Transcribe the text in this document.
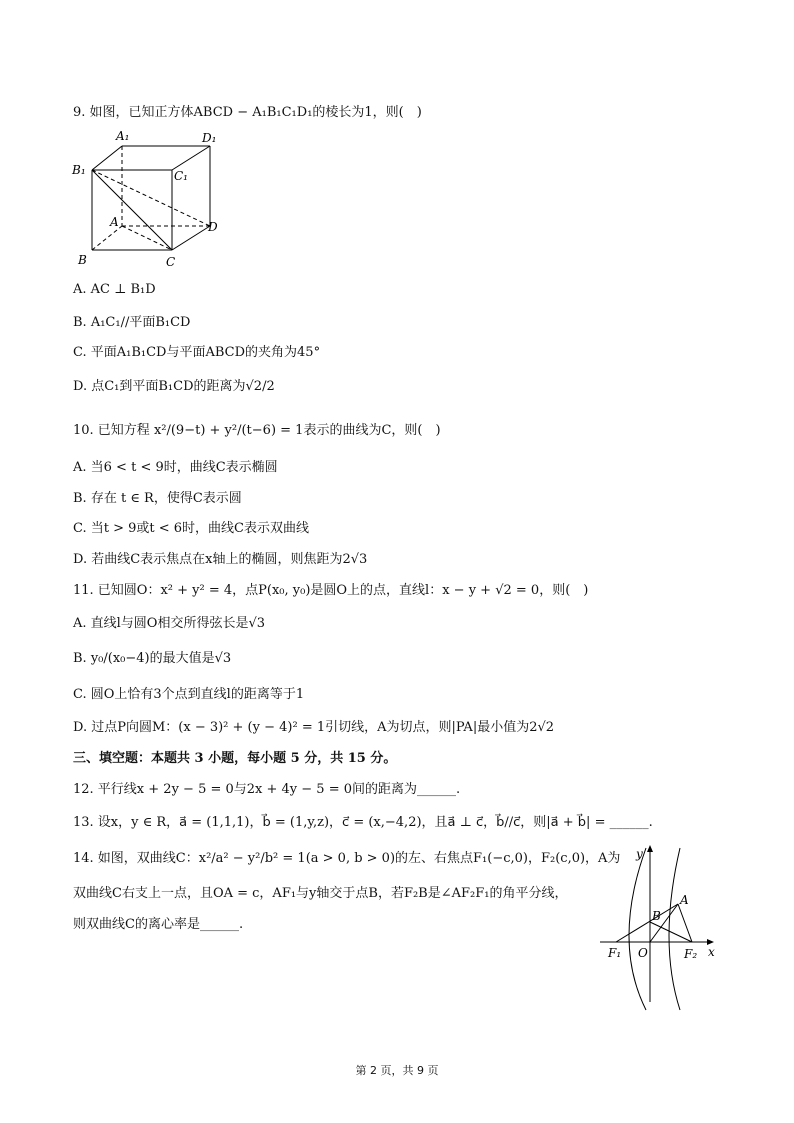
9. 如图，已知正方体ABCD − A₁B₁C₁D₁的棱长为1，则(　)
A₁	D₁
B₁	C₁
A	D
B	C
A. AC ⊥ B₁D
B. A₁C₁//平面B₁CD
C. 平面A₁B₁CD与平面ABCD的夹角为45°
D. 点C₁到平面B₁CD的距离为√2/2
10. 已知方程 x²/(9−t) + y²/(t−6) = 1表示的曲线为C，则(　)
A. 当6 < t < 9时，曲线C表示椭圆
B. 存在 t ∈ R，使得C表示圆
C. 当t > 9或t < 6时，曲线C表示双曲线
D. 若曲线C表示焦点在x轴上的椭圆，则焦距为2√3
11. 已知圆O：x² + y² = 4，点P(x₀, y₀)是圆O上的点，直线l：x − y + √2 = 0，则(　)
A. 直线l与圆O相交所得弦长是√3
B. y₀/(x₀−4)的最大值是√3
C. 圆O上恰有3个点到直线l的距离等于1
D. 过点P向圆M：(x − 3)² + (y − 4)² = 1引切线，A为切点，则|PA|最小值为2√2
三、填空题：本题共 3 小题，每小题 5 分，共 15 分。
12. 平行线x + 2y − 5 = 0与2x + 4y − 5 = 0间的距离为______.
13. 设x，y ∈ R，a⃗ = (1,1,1)，b⃗ = (1,y,z)，c⃗ = (x,−4,2)，且a⃗ ⊥ c⃗，b⃗//c⃗，则|a⃗ + b⃗| = ______.
14. 如图，双曲线C：x²/a² − y²/b² = 1(a > 0, b > 0)的左、右焦点F₁(−c,0)，F₂(c,0)，A为
双曲线C右支上一点，且OA = c，AF₁与y轴交于点B，若F₂B是∠AF₂F₁的角平分线，
则双曲线C的离心率是______.
y
x
O
F₁	F₂
A
B
第 2 页，共 9 页
